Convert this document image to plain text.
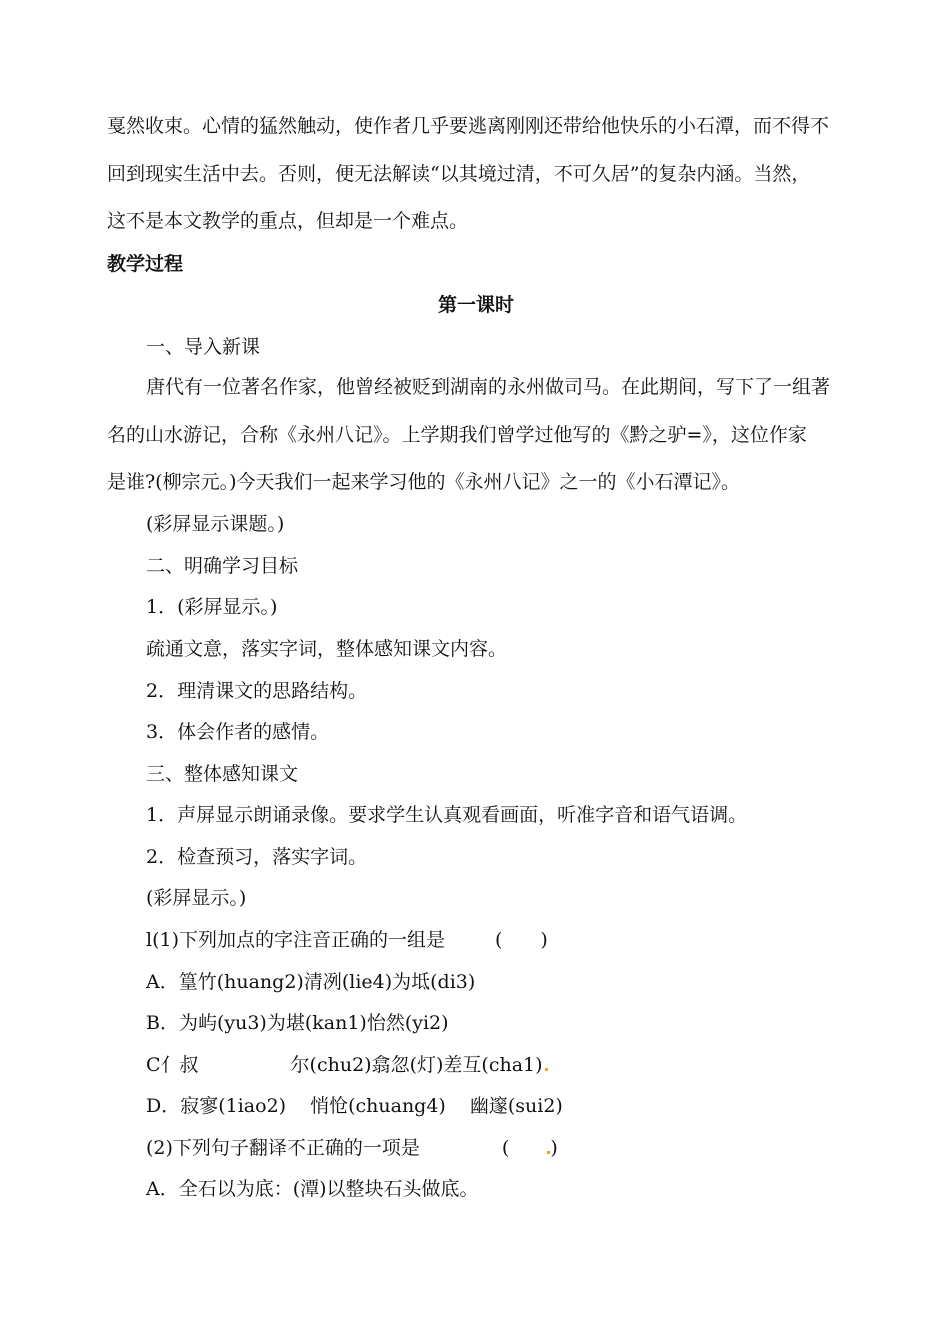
戛然收束。心情的猛然触动，使作者几乎要逃离刚刚还带给他快乐的小石潭，而不得不
回到现实生活中去。否则，便无法解读“以其境过清，不可久居”的复杂内涵。当然，
这不是本文教学的重点，但却是一个难点。
教学过程
第一课时
一、导入新课
唐代有一位著名作家，他曾经被贬到湖南的永州做司马。在此期间，写下了一组著
名的山水游记，合称《永州八记》。上学期我们曾学过他写的《黔之驴=》，这位作家
是谁?(柳宗元。)今天我们一起来学习他的《永州八记》之一的《小石潭记》。
(彩屏显示课题。)
二、明确学习目标
1．(彩屏显示。)
疏通文意，落实字词，整体感知课文内容。
2．理清课文的思路结构。
3．体会作者的感情。
三、整体感知课文
1．声屏显示朗诵录像。要求学生认真观看画面，听准字音和语气语调。
2．检查预习，落实字词。
(彩屏显示。)
l(1)下列加点的字注音正确的一组是	(　　)
A．篁竹(huang2)清冽(lie4)为坻(di3)
B．为屿(yu3)为堪(kan1)怡然(yi2)
C亻叔	尔(chu2)翕忽(灯)差互(cha1)
D．寂寥(1iao2) 悄怆(chuang4) 幽邃(sui2)
(2)下列句子翻译不正确的一项是	( )
A．全石以为底：(潭)以整块石头做底。
